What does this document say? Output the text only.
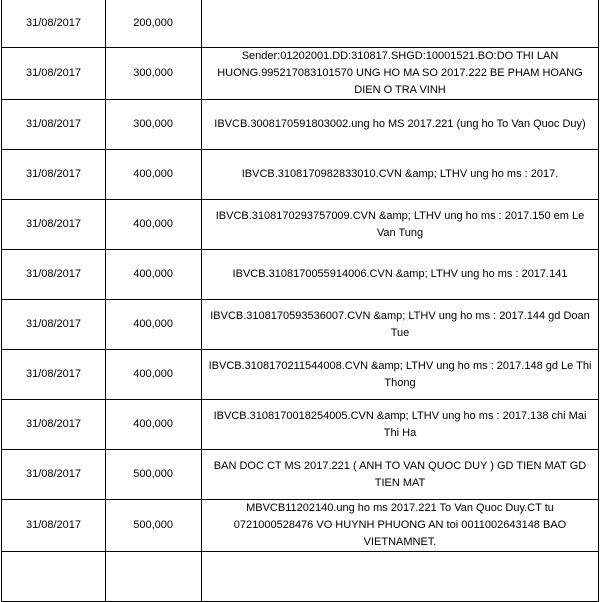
31/08/2017	200,000	
31/08/2017	300,000	Sender:01202001.DD:310817.SHGD:10001521.BO:DO THI LAN HUONG.995217083101570 UNG HO MA SO 2017.222 BE PHAM HOANG DIEN O TRA VINH
31/08/2017	300,000	IBVCB.3008170591803002.ung ho MS 2017.221 (ung ho To Van Quoc Duy)
31/08/2017	400,000	IBVCB.3108170982833010.CVN &amp; LTHV ung ho ms : 2017.
31/08/2017	400,000	IBVCB.3108170293757009.CVN &amp; LTHV ung ho ms : 2017.150 em Le Van Tung
31/08/2017	400,000	IBVCB.3108170055914006.CVN &amp; LTHV ung ho ms : 2017.141
31/08/2017	400,000	IBVCB.3108170593536007.CVN &amp; LTHV ung ho ms : 2017.144 gd Doan Tue
31/08/2017	400,000	IBVCB.3108170211544008.CVN &amp; LTHV ung ho ms : 2017.148 gd Le Thi Thong
31/08/2017	400,000	IBVCB.3108170018254005.CVN &amp; LTHV ung ho ms : 2017.138 chi Mai Thi Ha
31/08/2017	500,000	BAN DOC CT MS 2017.221 ( ANH TO VAN QUOC DUY ) GD TIEN MAT GD TIEN MAT
31/08/2017	500,000	MBVCB11202140.ung ho ms 2017.221 To Van Quoc Duy.CT tu 0721000528476 VO HUYNH PHUONG AN toi 0011002643148 BAO VIETNAMNET.
